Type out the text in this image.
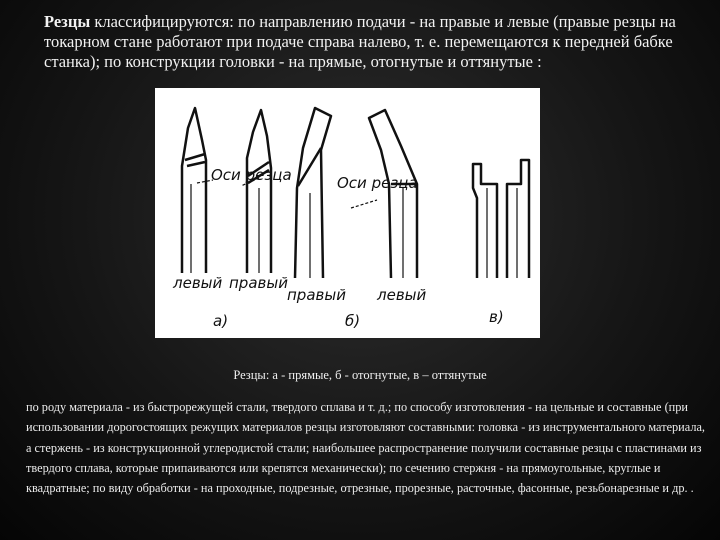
Резцы классифицируются: по направлению подачи - на правые и левые (правые резцы на токарном стане работают при подаче справа налево, т. е. перемещаются к передней бабке станка); по конструкции головки - на прямые, отогнутые и оттянутые :
Оси резца	Оси резца
левый правый
правый левый
а)	б)	в)
Резцы: а - прямые, б - отогнутые, в – оттянутые
по роду материала - из быстрорежущей стали, твердого сплава и т. д.; по способу изготовления - на цельные и составные (при использовании дорогостоящих режущих материалов резцы изготовляют составными: головка - из инструментального материала, а стержень - из конструкционной углеродистой стали; наибольшее распространение получили составные резцы с пластинами из твердого сплава, которые припаиваются или крепятся механически); по сечению стержня - на прямоугольные, круглые и квадратные; по виду обработки - на проходные, подрезные, отрезные, прорезные, расточные, фасонные, резьбонарезные и др. .
